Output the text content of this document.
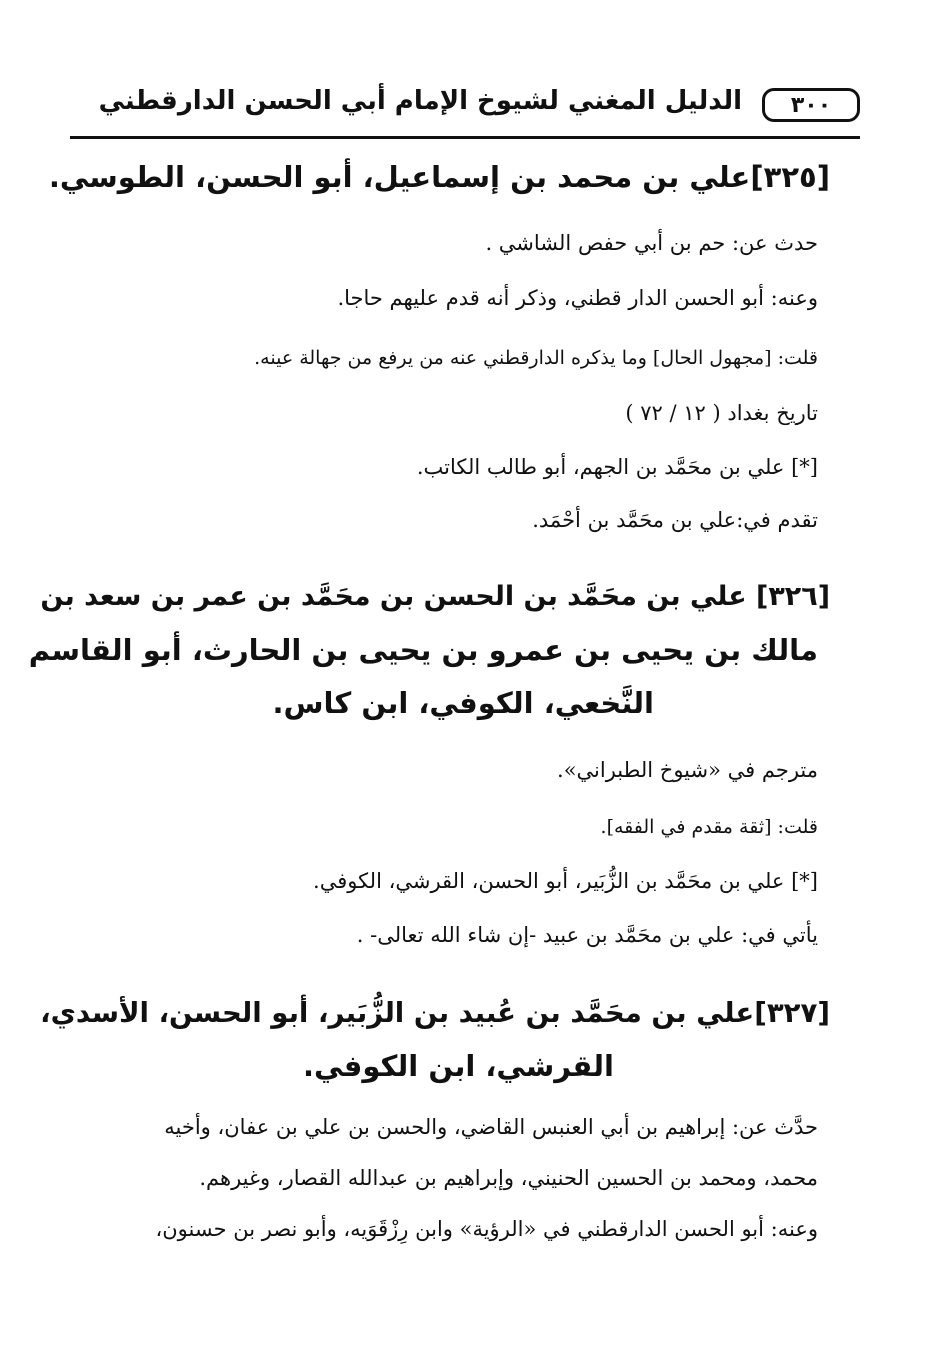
٣٠٠
الدليل المغني لشيوخ الإمام أبي الحسن الدارقطني
[٣٢٥]علي بن محمد بن إسماعيل، أبو الحسن، الطوسي.
حدث عن: حم بن أبي حفص الشاشي .
وعنه: أبو الحسن الدار قطني، وذكر أنه قدم عليهم حاجا.
قلت: [مجهول الحال] وما يذكره الدارقطني عنه من يرفع من جهالة عينه.
تاريخ بغداد ( ١٢ / ٧٢ )
[*] علي بن محَمَّد بن الجهم، أبو طالب الكاتب.
تقدم في:علي بن محَمَّد بن أحْمَد.
[٣٢٦] علي بن محَمَّد بن الحسن بن محَمَّد بن عمر بن سعد بن
مالك بن يحيى بن عمرو بن يحيى بن الحارث، أبو القاسم
النَّخعي، الكوفي، ابن كاس.
مترجم في «شيوخ الطبراني».
قلت: [ثقة مقدم في الفقه].
[*] علي بن محَمَّد بن الزُّبَير، أبو الحسن، القرشي، الكوفي.
يأتي في: علي بن محَمَّد بن عبيد -إن شاء الله تعالى- .
[٣٢٧]علي بن محَمَّد بن عُبيد بن الزُّبَير، أبو الحسن، الأسدي،
القرشي، ابن الكوفي.
حدَّث عن: إبراهيم بن أبي العنبس القاضي، والحسن بن علي بن عفان، وأخيه
محمد، ومحمد بن الحسين الحنيني، وإبراهيم بن عبدالله القصار، وغيرهم.
وعنه: أبو الحسن الدارقطني في «الرؤية» وابن رِزْقَوَيه، وأبو نصر بن حسنون،
